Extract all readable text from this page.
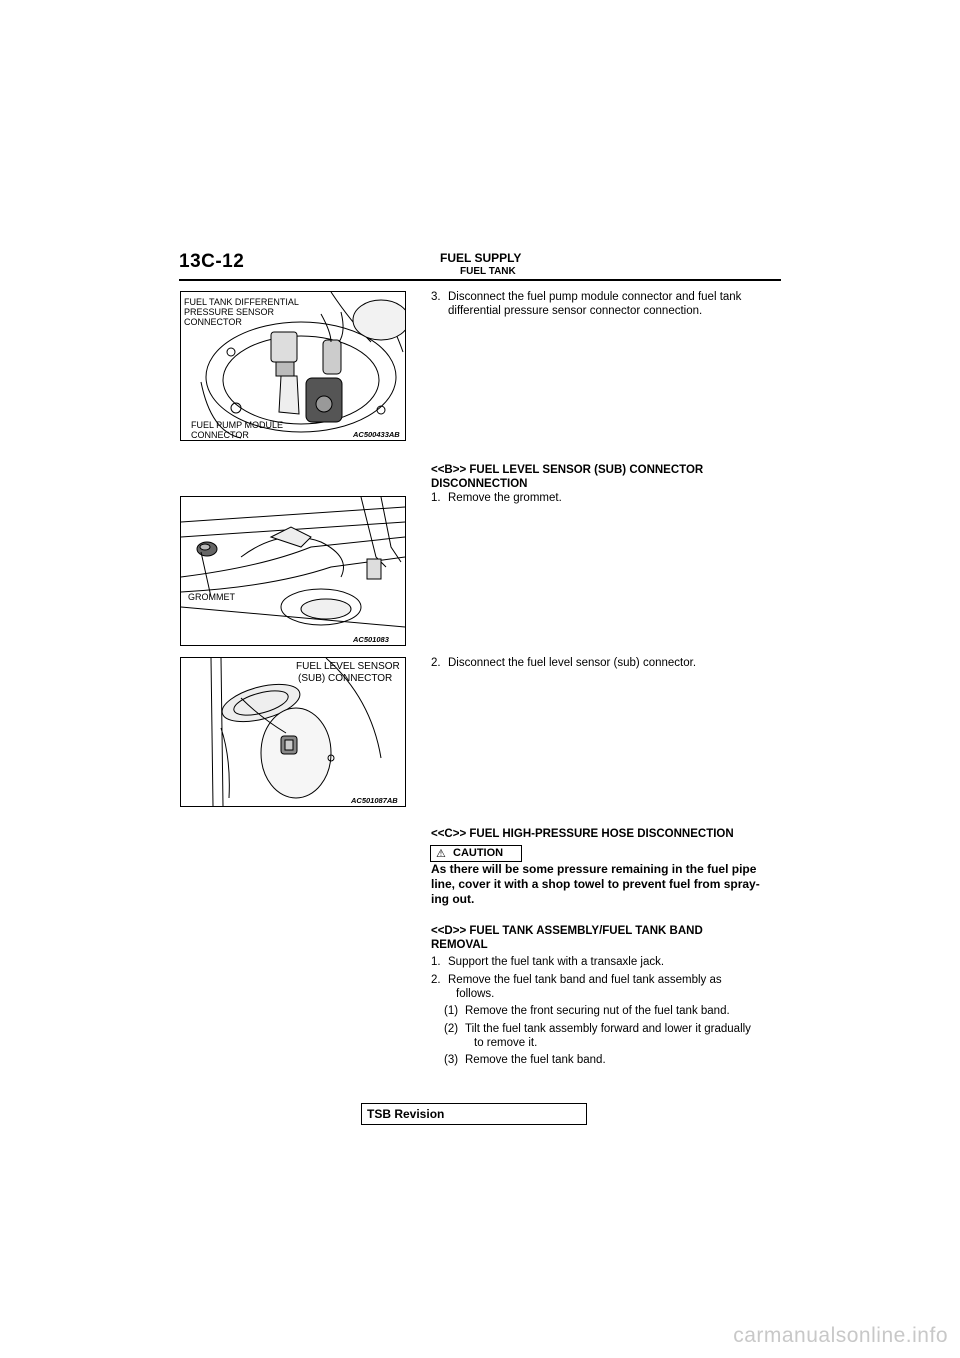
13C-12	FUEL SUPPLY
FUEL TANK
FUEL TANK DIFFERENTIAL
PRESSURE SENSOR
CONNECTOR
FUEL PUMP MODULE
CONNECTOR	AC500433AB
3. Disconnect the fuel pump module connector and fuel tank
differential pressure sensor connector connection.
<<B>> FUEL LEVEL SENSOR (SUB) CONNECTOR
DISCONNECTION
1. Remove the grommet.
GROMMET
AC501083
2. Disconnect the fuel level sensor (sub) connector.
FUEL LEVEL SENSOR
(SUB) CONNECTOR
AC501087AB
<<C>> FUEL HIGH-PRESSURE HOSE DISCONNECTION
⚠ CAUTION
As there will be some pressure remaining in the fuel pipe
line, cover it with a shop towel to prevent fuel from spray-
ing out.
<<D>> FUEL TANK ASSEMBLY/FUEL TANK BAND
REMOVAL
1. Support the fuel tank with a transaxle jack.
2. Remove the fuel tank band and fuel tank assembly as
follows.
(1) Remove the front securing nut of the fuel tank band.
(2) Tilt the fuel tank assembly forward and lower it gradually
to remove it.
(3) Remove the fuel tank band.
TSB Revision
carmanualsonline.info
